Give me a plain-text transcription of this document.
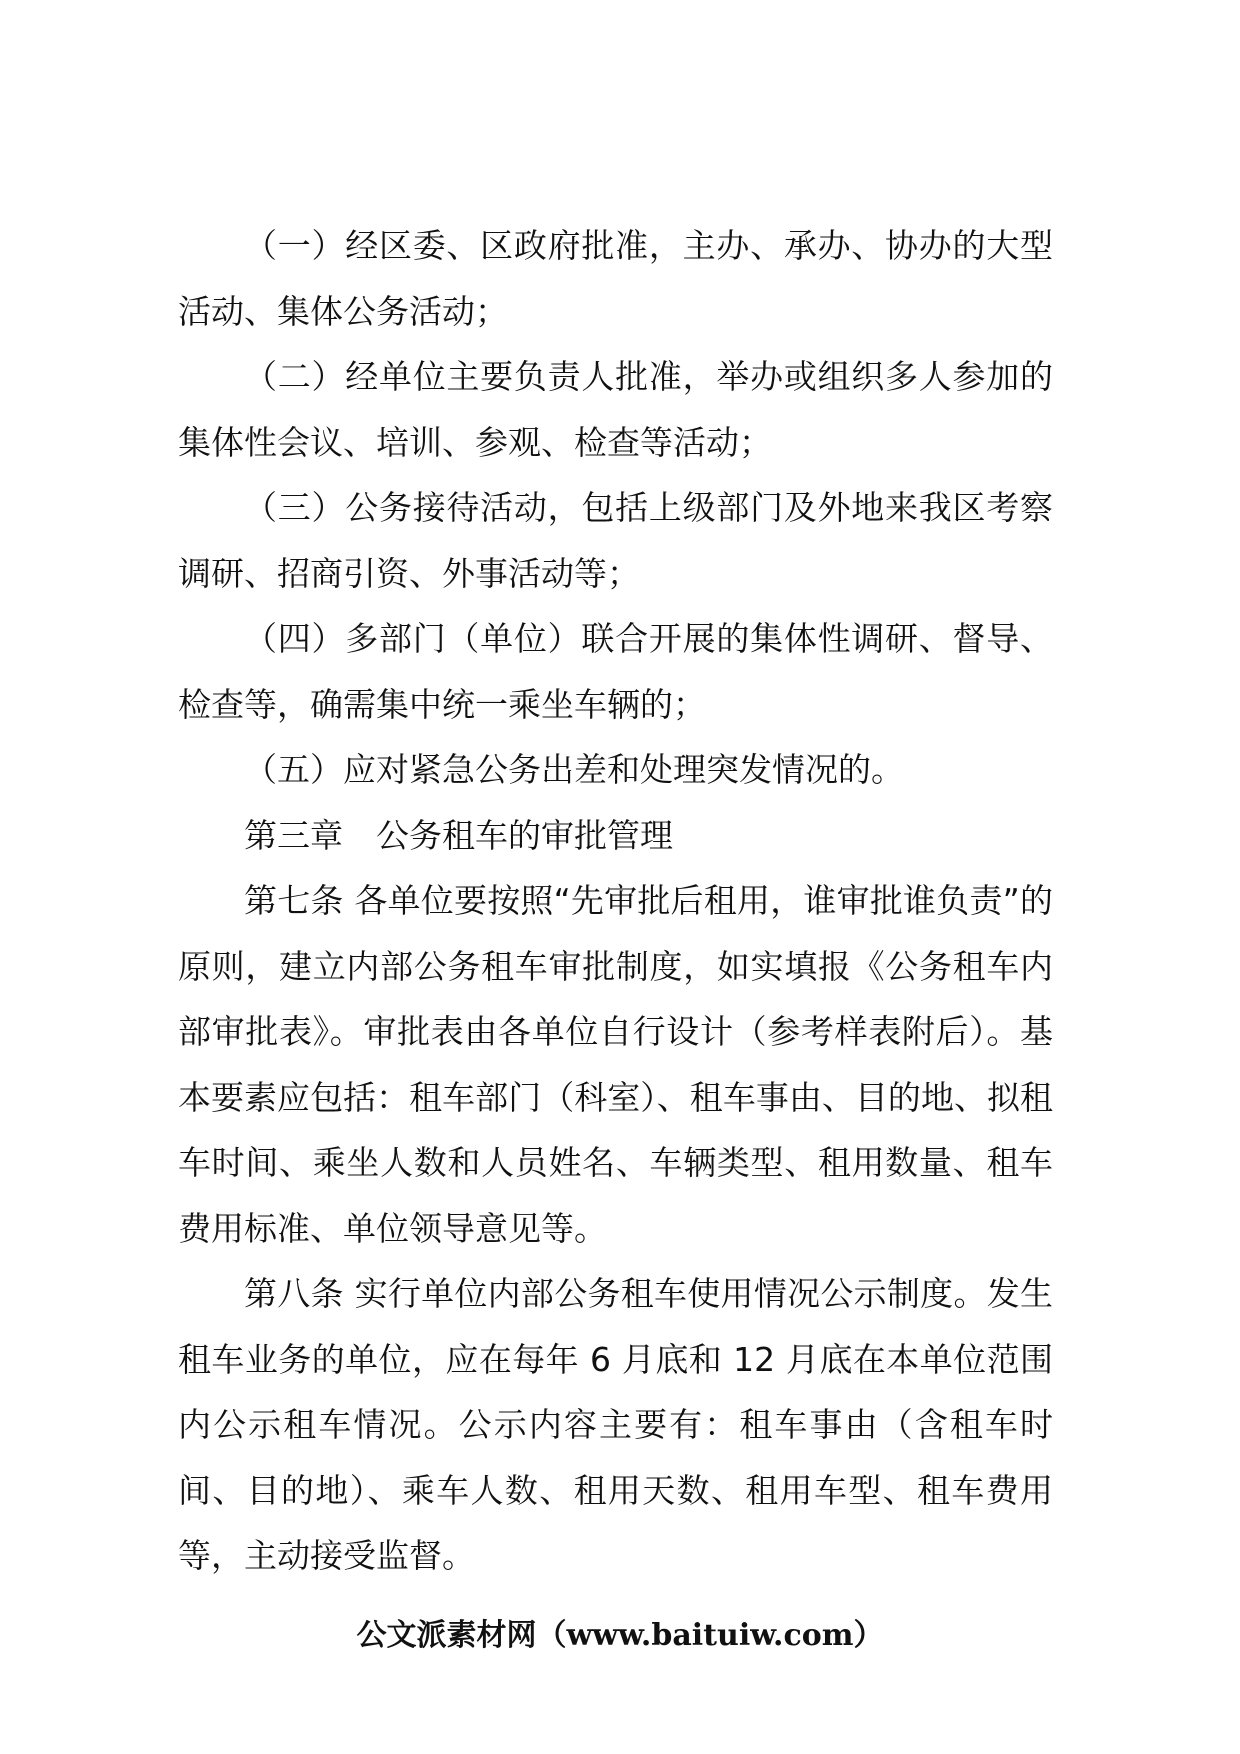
（一）经区委、区政府批准，主办、承办、协办的大型活动、集体公务活动；

（二）经单位主要负责人批准，举办或组织多人参加的集体性会议、培训、参观、检查等活动；

（三）公务接待活动，包括上级部门及外地来我区考察调研、招商引资、外事活动等；

（四）多部门（单位）联合开展的集体性调研、督导、检查等，确需集中统一乘坐车辆的；

（五）应对紧急公务出差和处理突发情况的。

第三章　公务租车的审批管理

第七条 各单位要按照“先审批后租用，谁审批谁负责”的原则，建立内部公务租车审批制度，如实填报《公务租车内部审批表》。审批表由各单位自行设计（参考样表附后）。基本要素应包括：租车部门（科室）、租车事由、目的地、拟租车时间、乘坐人数和人员姓名、车辆类型、租用数量、租车费用标准、单位领导意见等。

第八条 实行单位内部公务租车使用情况公示制度。发生租车业务的单位，应在每年 6 月底和 12 月底在本单位范围内公示租车情况。公示内容主要有：租车事由（含租车时间、目的地）、乘车人数、租用天数、租用车型、租车费用等，主动接受监督。

公文派素材网（www.baituiw.com）
